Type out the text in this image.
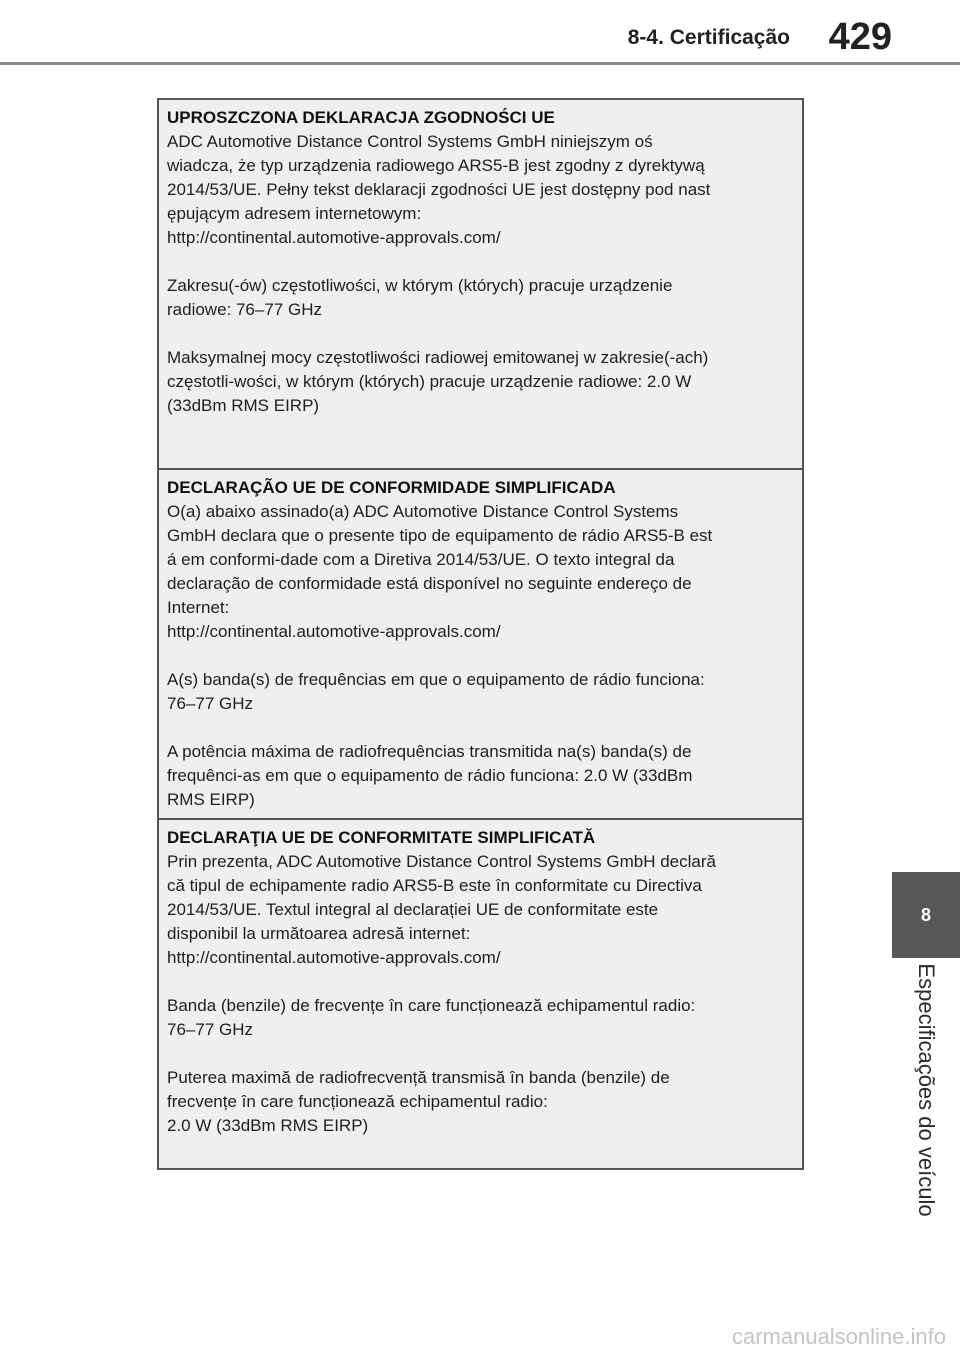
8-4. Certificação 429

UPROSZCZONA DEKLARACJA ZGODNOŚCI UE

ADC Automotive Distance Control Systems GmbH niniejszym oś

wiadcza, że typ urządzenia radiowego ARS5-B jest zgodny z dyrektywą

2014/53/UE. Pełny tekst deklaracji zgodności UE jest dostępny pod nast

ępującym adresem internetowym:

http://continental.automotive-approvals.com/

Zakresu(-ów) częstotliwości, w którym (których) pracuje urządzenie

radiowe: 76–77 GHz

Maksymalnej mocy częstotliwości radiowej emitowanej w zakresie(-ach)

częstotli-wości, w którym (których) pracuje urządzenie radiowe: 2.0 W

(33dBm RMS EIRP)

DECLARAÇÃO UE DE CONFORMIDADE SIMPLIFICADA

O(a) abaixo assinado(a) ADC Automotive Distance Control Systems

GmbH declara que o presente tipo de equipamento de rádio ARS5-B est

á em conformi-dade com a Diretiva 2014/53/UE. O texto integral da

declaração de conformidade está disponível no seguinte endereço de

Internet:

http://continental.automotive-approvals.com/

A(s) banda(s) de frequências em que o equipamento de rádio funciona:

76–77 GHz

A potência máxima de radiofrequências transmitida na(s) banda(s) de

frequênci-as em que o equipamento de rádio funciona: 2.0 W (33dBm

RMS EIRP)

DECLARAŢIA UE DE CONFORMITATE SIMPLIFICATĂ

Prin prezenta, ADC Automotive Distance Control Systems GmbH declară

că tipul de echipamente radio ARS5-B este în conformitate cu Directiva

2014/53/UE. Textul integral al declarației UE de conformitate este

disponibil la următoarea adresă internet:

http://continental.automotive-approvals.com/

Banda (benzile) de frecvențe în care funcționează echipamentul radio:

76–77 GHz

Puterea maximă de radiofrecvență transmisă în banda (benzile) de

frecvențe în care funcționează echipamentul radio:

2.0 W (33dBm RMS EIRP)

8
Especificações do veículo
carmanualsonline.info
